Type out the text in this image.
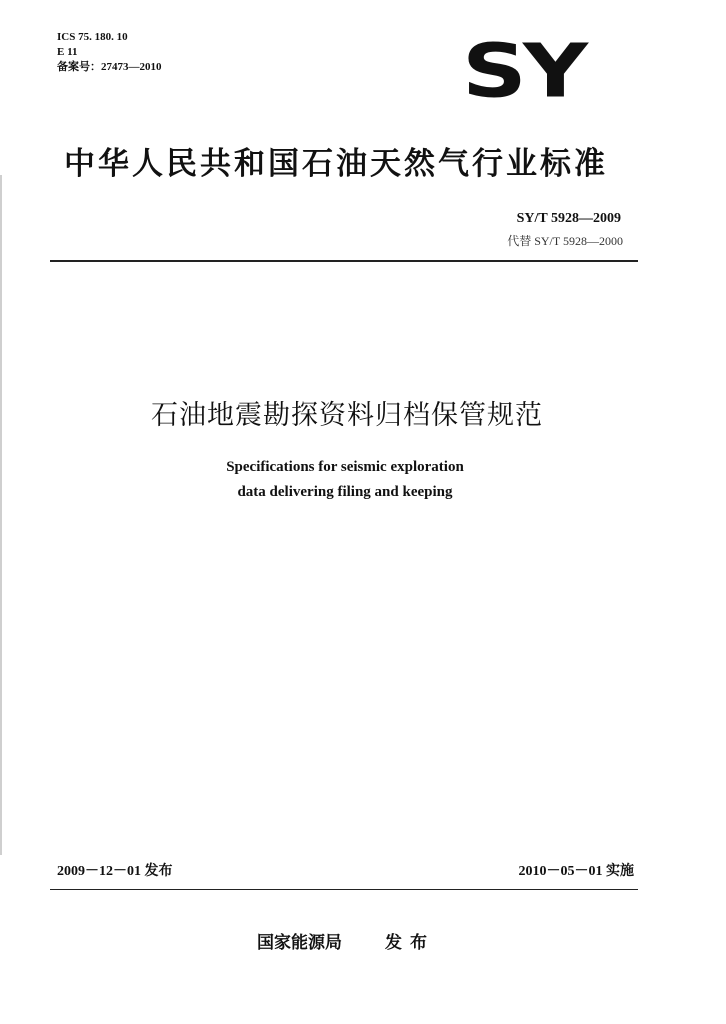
ICS 75. 180. 10
E 11
备案号：27473—2010	SY
中华人民共和国石油天然气行业标准
SY/T 5928—2009
代替 SY/T 5928—2000
石油地震勘探资料归档保管规范
Specifications for seismic exploration
data delivering filing and keeping
2009－12－01 发布	2010－05－01 实施
国家能源局	发布
